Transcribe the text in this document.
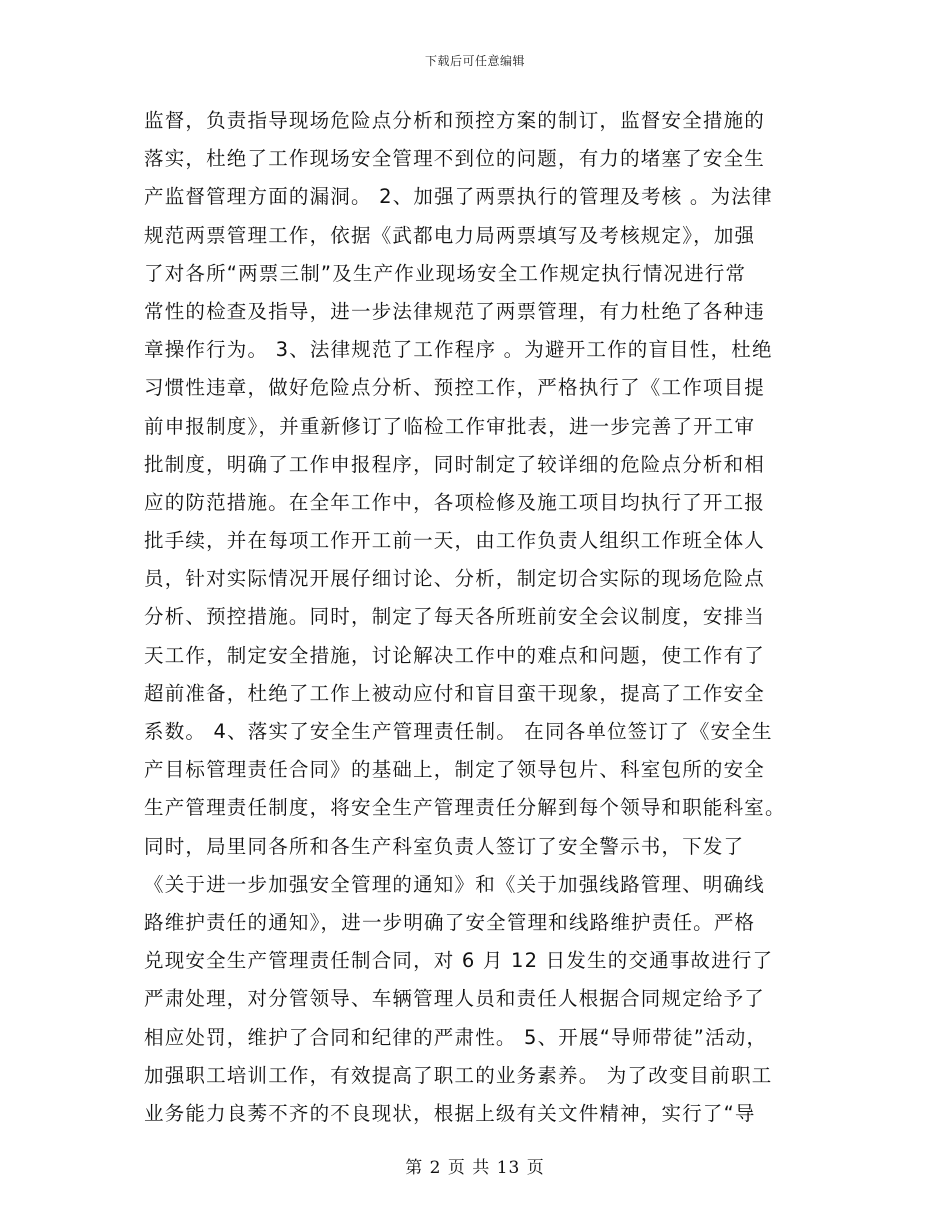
下载后可任意编辑
监督，负责指导现场危险点分析和预控方案的制订，监督安全措施的
落实，杜绝了工作现场安全管理不到位的问题，有力的堵塞了安全生
产监督管理方面的漏洞。 2、加强了两票执行的管理及考核 。为法律
规范两票管理工作，依据《武都电力局两票填写及考核规定》，加强
了对各所“两票三制”及生产作业现场安全工作规定执行情况进行常
常性的检查及指导，进一步法律规范了两票管理，有力杜绝了各种违
章操作行为。 3、法律规范了工作程序 。为避开工作的盲目性，杜绝
习惯性违章，做好危险点分析、预控工作，严格执行了《工作项目提
前申报制度》，并重新修订了临检工作审批表，进一步完善了开工审
批制度，明确了工作申报程序，同时制定了较详细的危险点分析和相
应的防范措施。在全年工作中，各项检修及施工项目均执行了开工报
批手续，并在每项工作开工前一天，由工作负责人组织工作班全体人
员，针对实际情况开展仔细讨论、分析，制定切合实际的现场危险点
分析、预控措施。同时，制定了每天各所班前安全会议制度，安排当
天工作，制定安全措施，讨论解决工作中的难点和问题，使工作有了
超前准备，杜绝了工作上被动应付和盲目蛮干现象，提高了工作安全
系数。 4、落实了安全生产管理责任制。 在同各单位签订了《安全生
产目标管理责任合同》的基础上，制定了领导包片、科室包所的安全
生产管理责任制度，将安全生产管理责任分解到每个领导和职能科室。
同时，局里同各所和各生产科室负责人签订了安全警示书，下发了
《关于进一步加强安全管理的通知》和《关于加强线路管理、明确线
路维护责任的通知》，进一步明确了安全管理和线路维护责任。严格
兑现安全生产管理责任制合同，对 6 月 12 日发生的交通事故进行了
严肃处理，对分管领导、车辆管理人员和责任人根据合同规定给予了
相应处罚，维护了合同和纪律的严肃性。 5、开展“导师带徒”活动，
加强职工培训工作，有效提高了职工的业务素养。 为了改变目前职工
业务能力良莠不齐的不良现状，根据上级有关文件精神，实行了“导
第 2 页 共 13 页
